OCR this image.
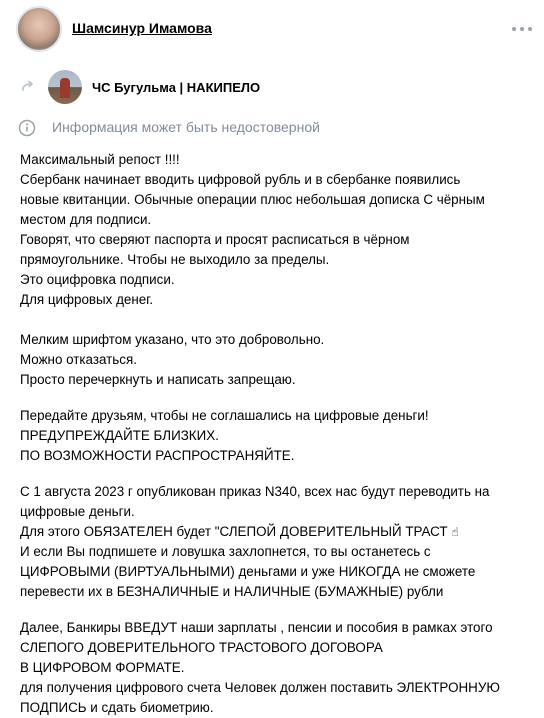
Шамсинур Имамова
ЧС Бугульма | НАКИПЕЛО
Информация может быть недостоверной
Максимальный репост !!!!
Сбербанк начинает вводить цифровой рубль и в сбербанке появились
новые квитанции. Обычные операции плюс небольшая дописка С чёрным
местом для подписи.
Говорят, что сверяют паспорта и просят расписаться в чёрном
прямоугольнике. Чтобы не выходило за пределы.
Это оцифровка подписи.
Для цифровых денег.
Мелким шрифтом указано, что это добровольно.
Можно отказаться.
Просто перечеркнуть и написать запрещаю.
Передайте друзьям, чтобы не соглашались на цифровые деньги!
ПРЕДУПРЕЖДАЙТЕ БЛИЗКИХ.
ПО ВОЗМОЖНОСТИ РАСПРОСТРАНЯЙТЕ.
С 1 августа 2023 г опубликован приказ N340, всех нас будут переводить на
цифровые деньги.
Для этого ОБЯЗАТЕЛЕН будет "СЛЕПОЙ ДОВЕРИТЕЛЬНЫЙ ТРАСТ ☝
И если Вы подпишете и ловушка захлопнется, то вы останетесь с
ЦИФРОВЫМИ (ВИРТУАЛЬНЫМИ) деньгами и уже НИКОГДА не сможете
перевести их в БЕЗНАЛИЧНЫЕ и НАЛИЧНЫЕ (БУМАЖНЫЕ) рубли
Далее, Банкиры ВВЕДУТ наши зарплаты , пенсии и пособия в рамках этого
СЛЕПОГО ДОВЕРИТЕЛЬНОГО ТРАСТОВОГО ДОГОВОРА
В ЦИФРОВОМ ФОРМАТЕ.
для получения цифрового счета Человек должен поставить ЭЛЕКТРОННУЮ
ПОДПИСЬ и сдать биометрию.
